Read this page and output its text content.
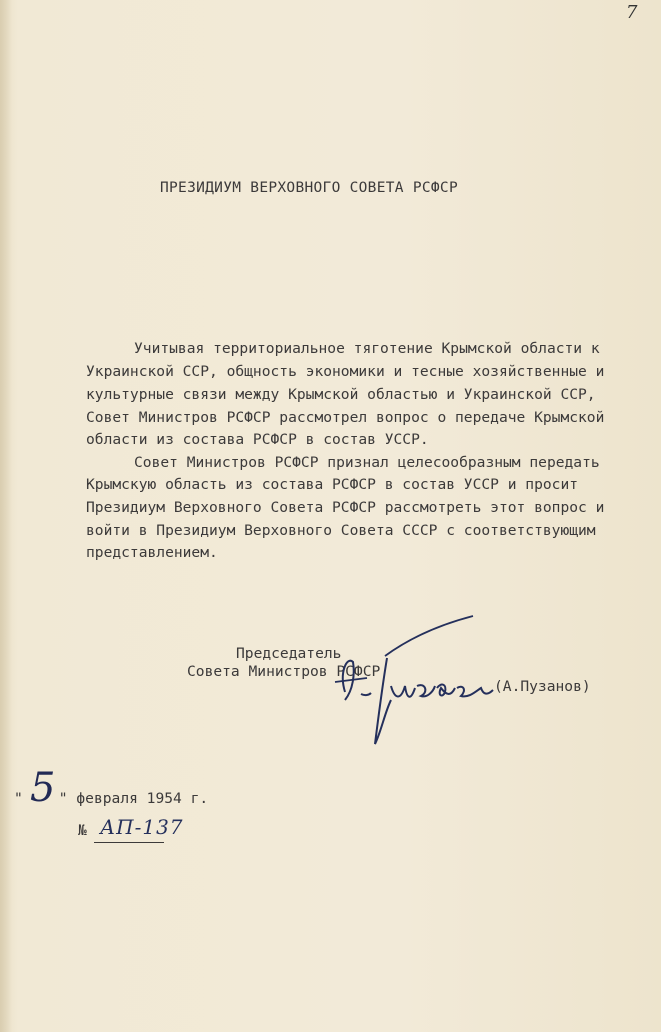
7
ПРЕЗИДИУМ ВЕРХОВНОГО СОВЕТА РСФСР
Учитывая территориальное тяготение Крымской области к
Украинской ССР, общность экономики и тесные хозяйственные и
культурные связи между Крымской областью и Украинской ССР,
Совет Министров РСФСР рассмотрел вопрос о передаче Крымской
области из состава РСФСР в состав УССР.
Совет Министров РСФСР признал целесообразным передать
Крымскую область из состава РСФСР в состав УССР и просит
Президиум Верховного Совета РСФСР рассмотреть этот вопрос и
войти в Президиум Верховного Совета СССР с соответствующим
представлением.
Председатель
Совета Министров РСФСР
(А.Пузанов)
" " февраля 1954 г.
5
№ АП-137
